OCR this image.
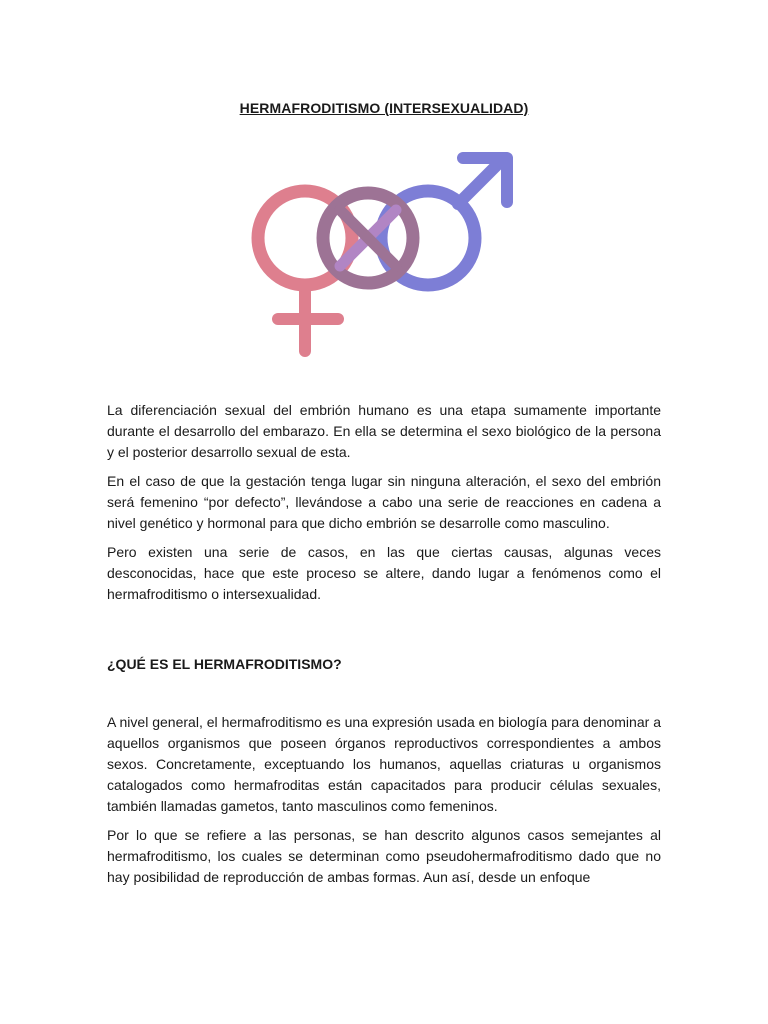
HERMAFRODITISMO (INTERSEXUALIDAD)

La diferenciación sexual del embrión humano es una etapa sumamente importante durante el desarrollo del embarazo. En ella se determina el sexo biológico de la persona y el posterior desarrollo sexual de esta.

En el caso de que la gestación tenga lugar sin ninguna alteración, el sexo del embrión será femenino “por defecto”, llevándose a cabo una serie de reacciones en cadena a nivel genético y hormonal para que dicho embrión se desarrolle como masculino.

Pero existen una serie de casos, en las que ciertas causas, algunas veces desconocidas, hace que este proceso se altere, dando lugar a fenómenos como el hermafroditismo o intersexualidad.

¿QUÉ ES EL HERMAFRODITISMO?

A nivel general, el hermafroditismo es una expresión usada en biología para denominar a aquellos organismos que poseen órganos reproductivos correspondientes a ambos sexos. Concretamente, exceptuando los humanos, aquellas criaturas u organismos catalogados como hermafroditas están capacitados para producir células sexuales, también llamadas gametos, tanto masculinos como femeninos.

Por lo que se refiere a las personas, se han descrito algunos casos semejantes al hermafroditismo, los cuales se determinan como pseudohermafroditismo dado que no hay posibilidad de reproducción de ambas formas. Aun así, desde un enfoque
